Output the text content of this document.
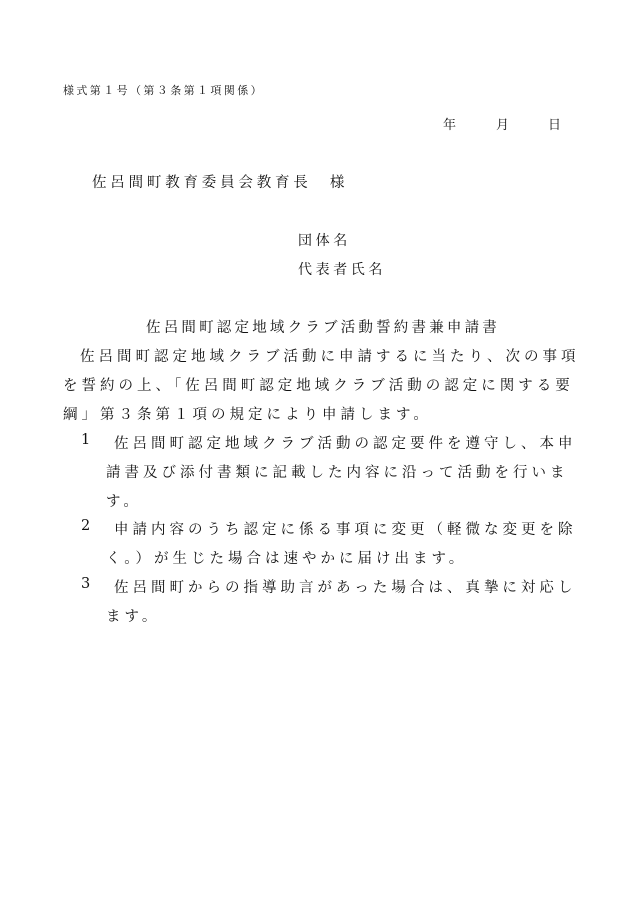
様式第１号（第３条第１項関係）
年	月	日
佐呂間町教育委員会教育長　様
団体名
代表者氏名
佐呂間町認定地域クラブ活動誓約書兼申請書
佐呂間町認定地域クラブ活動に申請するに当たり、次の事項
を誓約の上、「佐呂間町認定地域クラブ活動の認定に関する要
綱」第３条第１項の規定により申請します。
1 佐呂間町認定地域クラブ活動の認定要件を遵守し、本申
請書及び添付書類に記載した内容に沿って活動を行いま
す。
2 申請内容のうち認定に係る事項に変更（軽微な変更を除
く。）が生じた場合は速やかに届け出ます。
3 佐呂間町からの指導助言があった場合は、真摯に対応し
ます。
